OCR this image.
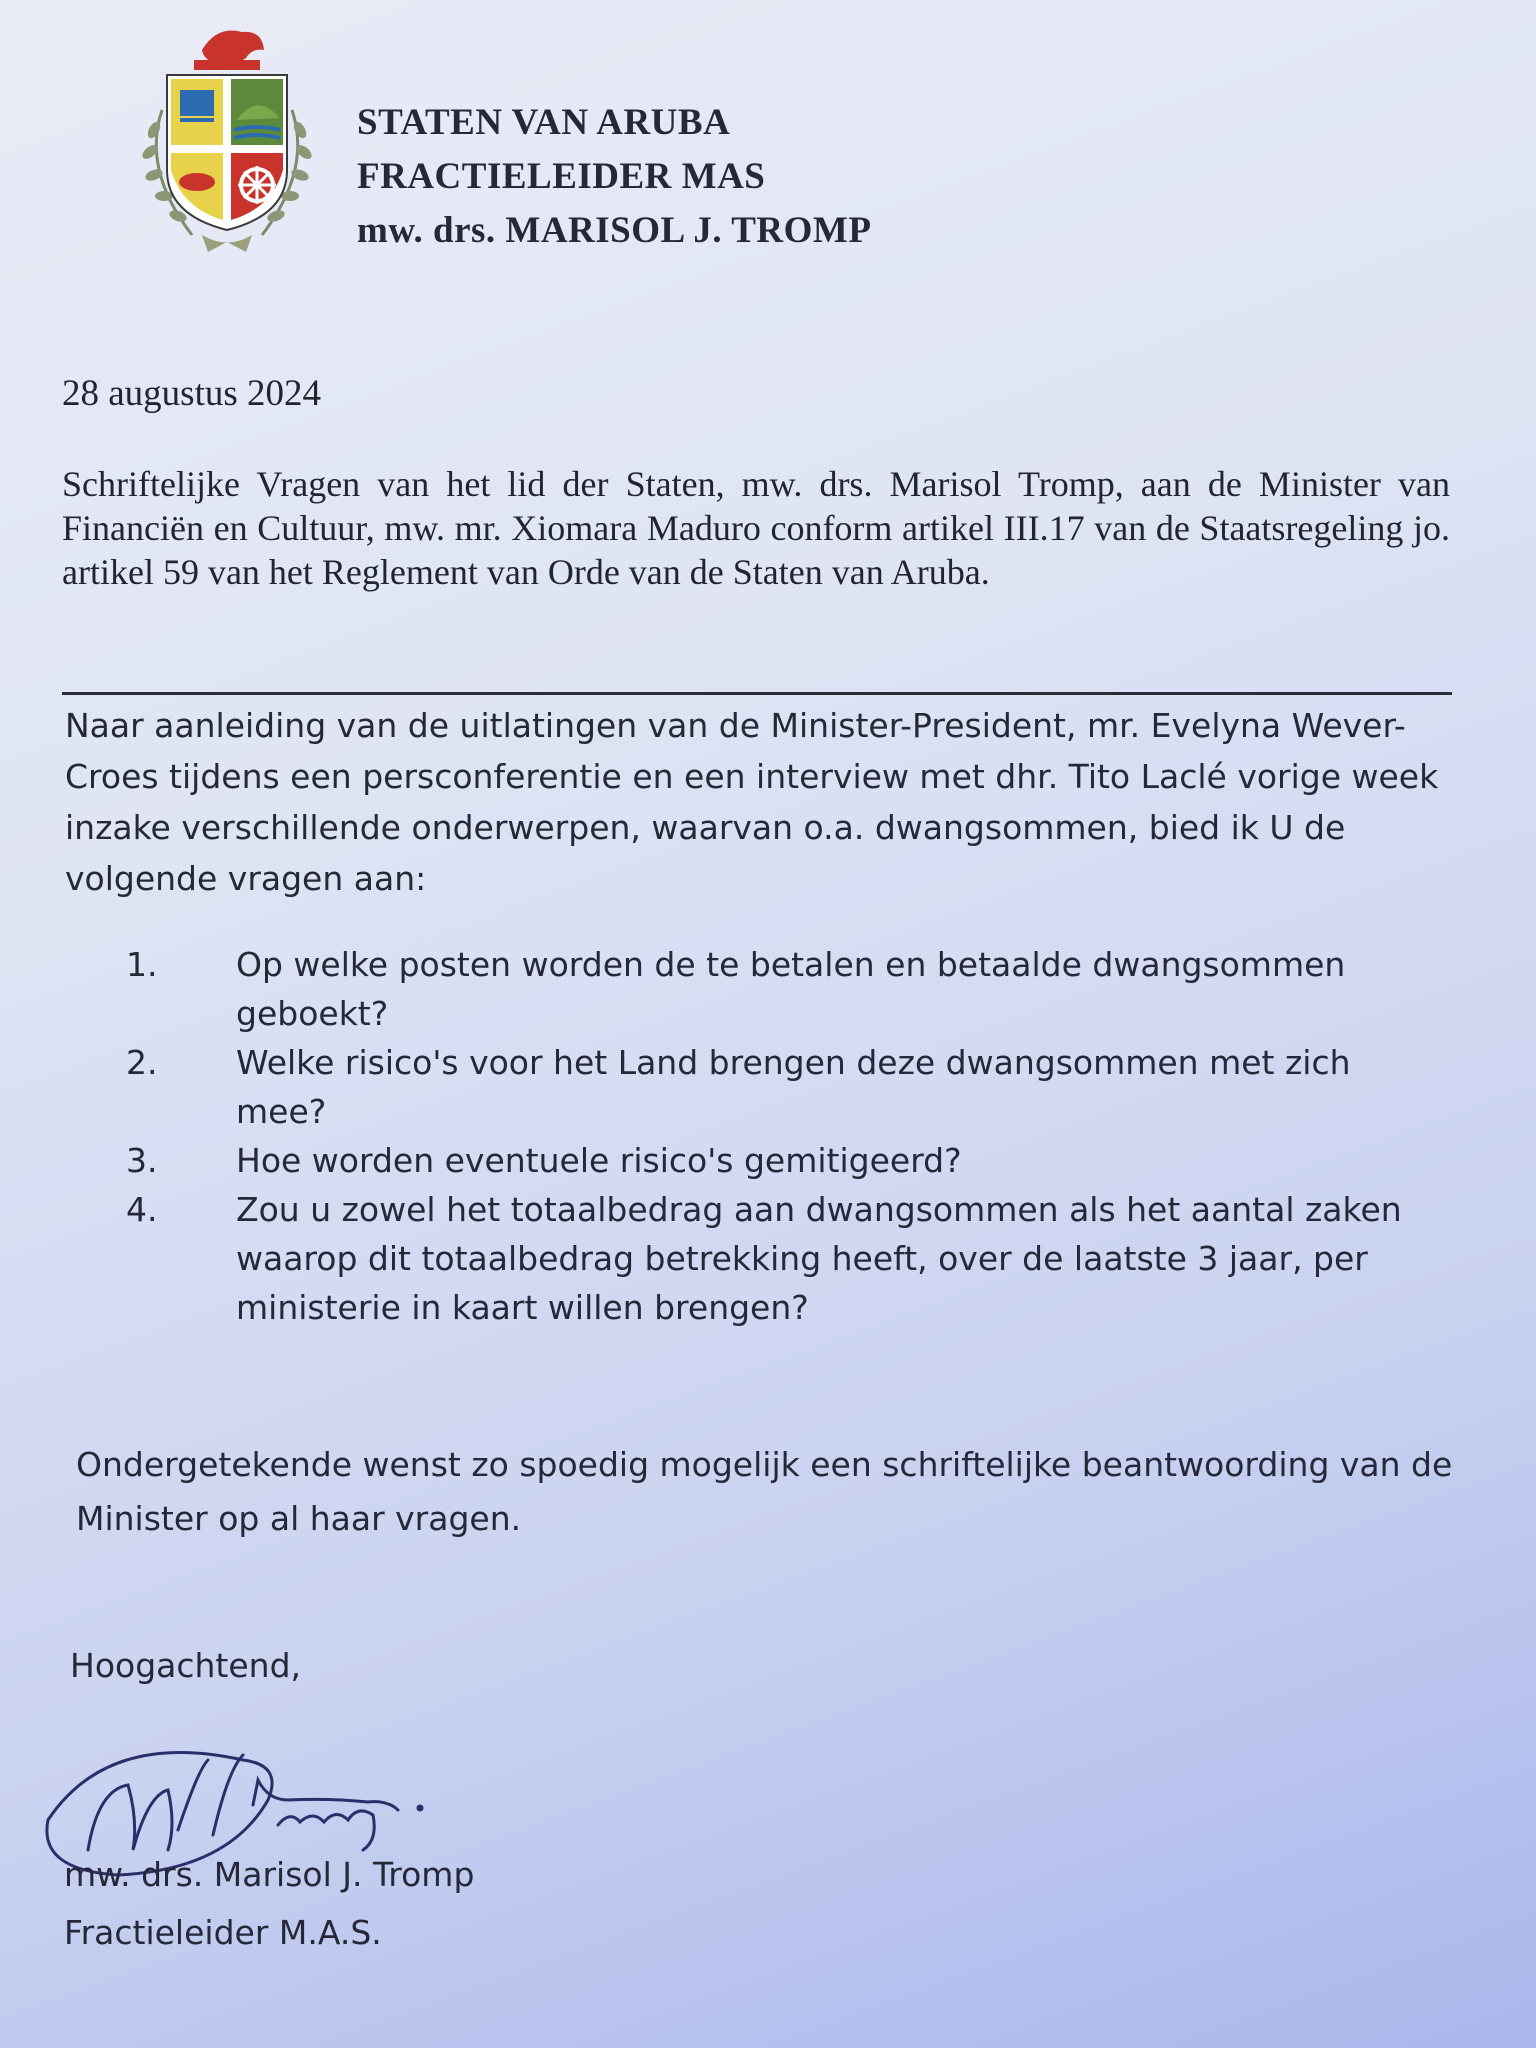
STATEN VAN ARUBA
FRACTIELEIDER MAS
mw. drs. MARISOL J. TROMP
28 augustus 2024
Schriftelijke Vragen van het lid der Staten, mw. drs. Marisol Tromp, aan de Minister van Financiën en Cultuur, mw. mr. Xiomara Maduro conform artikel III.17 van de Staatsregeling jo. artikel 59 van het Reglement van Orde van de Staten van Aruba.
Naar aanleiding van de uitlatingen van de Minister-President, mr. Evelyna Wever-Croes tijdens een persconferentie en een interview met dhr. Tito Laclé vorige week inzake verschillende onderwerpen, waarvan o.a. dwangsommen, bied ik U de volgende vragen aan:
1. Op welke posten worden de te betalen en betaalde dwangsommen geboekt?
2. Welke risico's voor het Land brengen deze dwangsommen met zich mee?
3. Hoe worden eventuele risico's gemitigeerd?
4. Zou u zowel het totaalbedrag aan dwangsommen als het aantal zaken waarop dit totaalbedrag betrekking heeft, over de laatste 3 jaar, per ministerie in kaart willen brengen?
Ondergetekende wenst zo spoedig mogelijk een schriftelijke beantwoording van de Minister op al haar vragen.
Hoogachtend,
mw. drs. Marisol J. Tromp
Fractieleider M.A.S.
